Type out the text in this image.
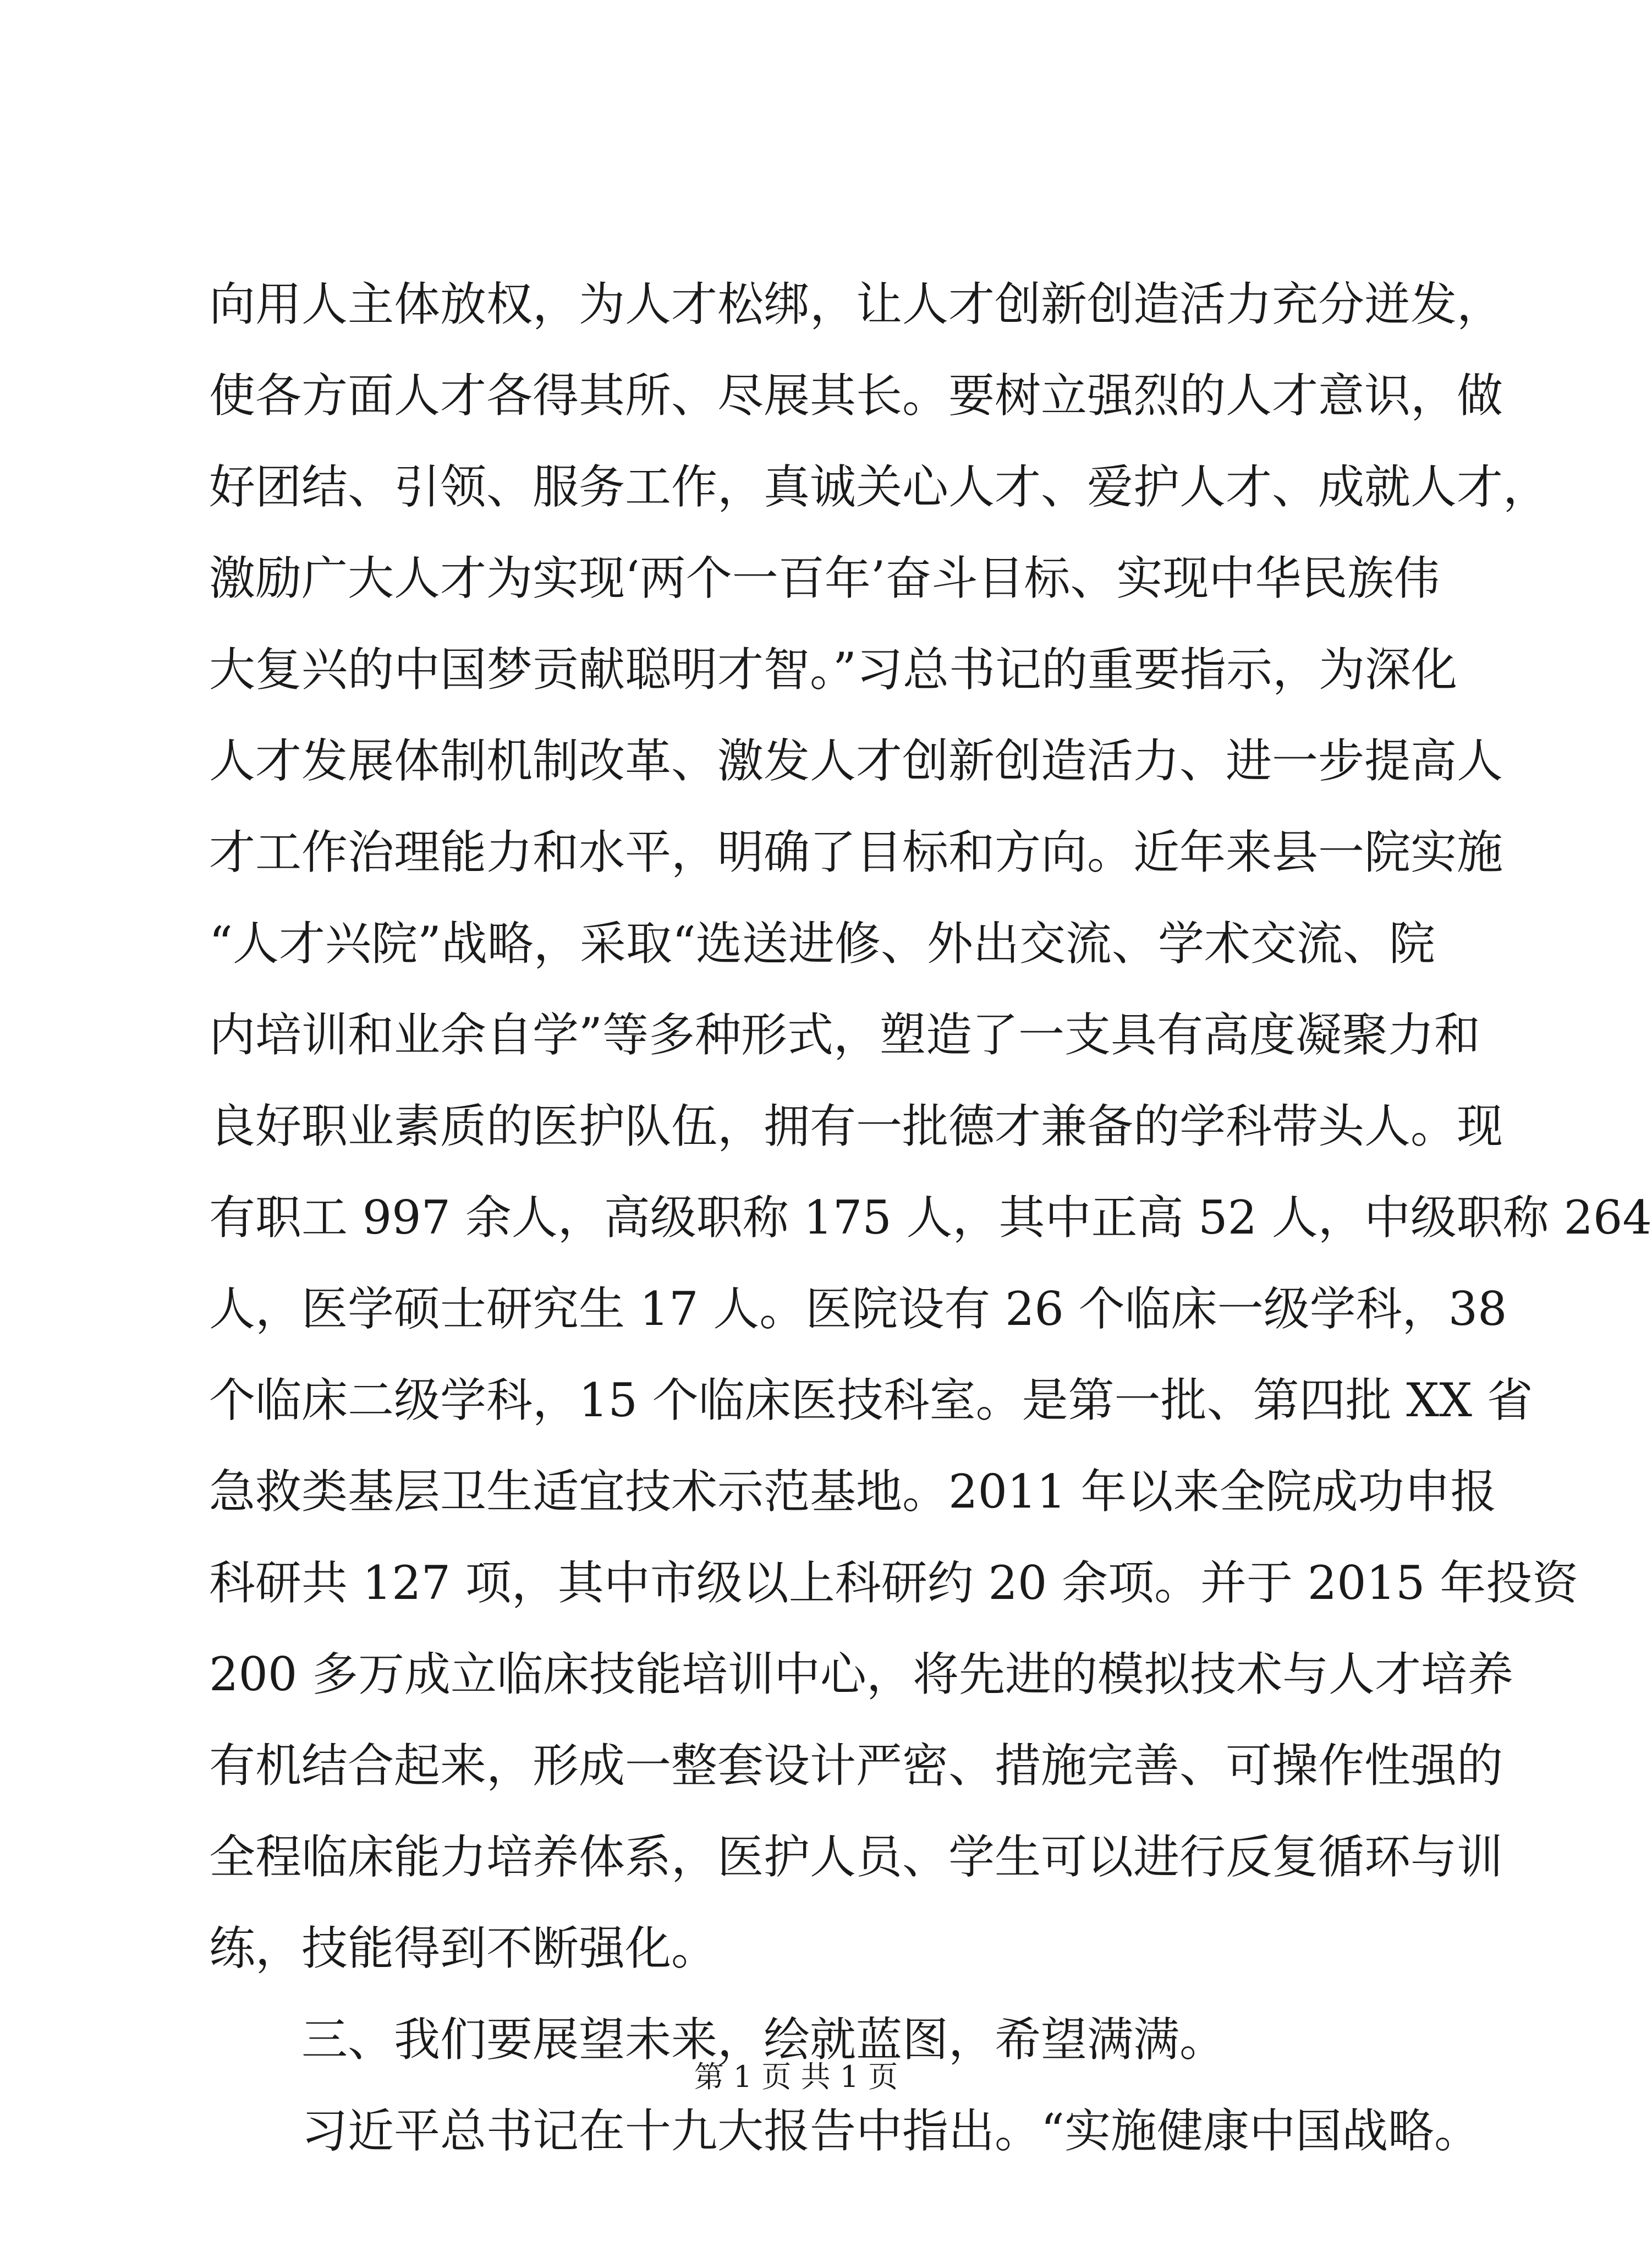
向用人主体放权，为人才松绑，让人才创新创造活力充分迸发，
使各方面人才各得其所、尽展其长。要树立强烈的人才意识，做
好团结、引领、服务工作，真诚关心人才、爱护人才、成就人才，
激励广大人才为实现‘两个一百年’奋斗目标、实现中华民族伟
大复兴的中国梦贡献聪明才智。”习总书记的重要指示，为深化
人才发展体制机制改革、激发人才创新创造活力、进一步提高人
才工作治理能力和水平，明确了目标和方向。近年来县一院实施
“人才兴院”战略，采取“选送进修、外出交流、学术交流、院
内培训和业余自学”等多种形式，塑造了一支具有高度凝聚力和
良好职业素质的医护队伍，拥有一批德才兼备的学科带头人。现
有职工 997 余人，高级职称 175 人，其中正高 52 人，中级职称 264
人，医学硕士研究生 17 人。医院设有 26 个临床一级学科，38
个临床二级学科，15 个临床医技科室。是第一批、第四批 XX 省
急救类基层卫生适宜技术示范基地。2011 年以来全院成功申报
科研共 127 项，其中市级以上科研约 20 余项。并于 2015 年投资
200 多万成立临床技能培训中心，将先进的模拟技术与人才培养
有机结合起来，形成一整套设计严密、措施完善、可操作性强的
全程临床能力培养体系，医护人员、学生可以进行反复循环与训
练，技能得到不断强化。
三、我们要展望未来，绘就蓝图，希望满满。
习近平总书记在十九大报告中指出。“实施健康中国战略。
第 1 页 共 1 页
